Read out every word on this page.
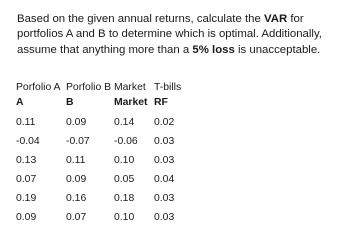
Based on the given annual returns, calculate the VAR for portfolios A and B to determine which is optimal. Additionally, assume that anything more than a 5% loss is unacceptable.

Porfolio A	Porfolio B	Market	T-bills
A	B	Market	RF
0.11	0.09	0.14	0.02
-0.04	-0.07	-0.06	0.03
0.13	0.11	0.10	0.03
0.07	0.09	0.05	0.04
0.19	0.16	0.18	0.03
0.09	0.07	0.10	0.03
